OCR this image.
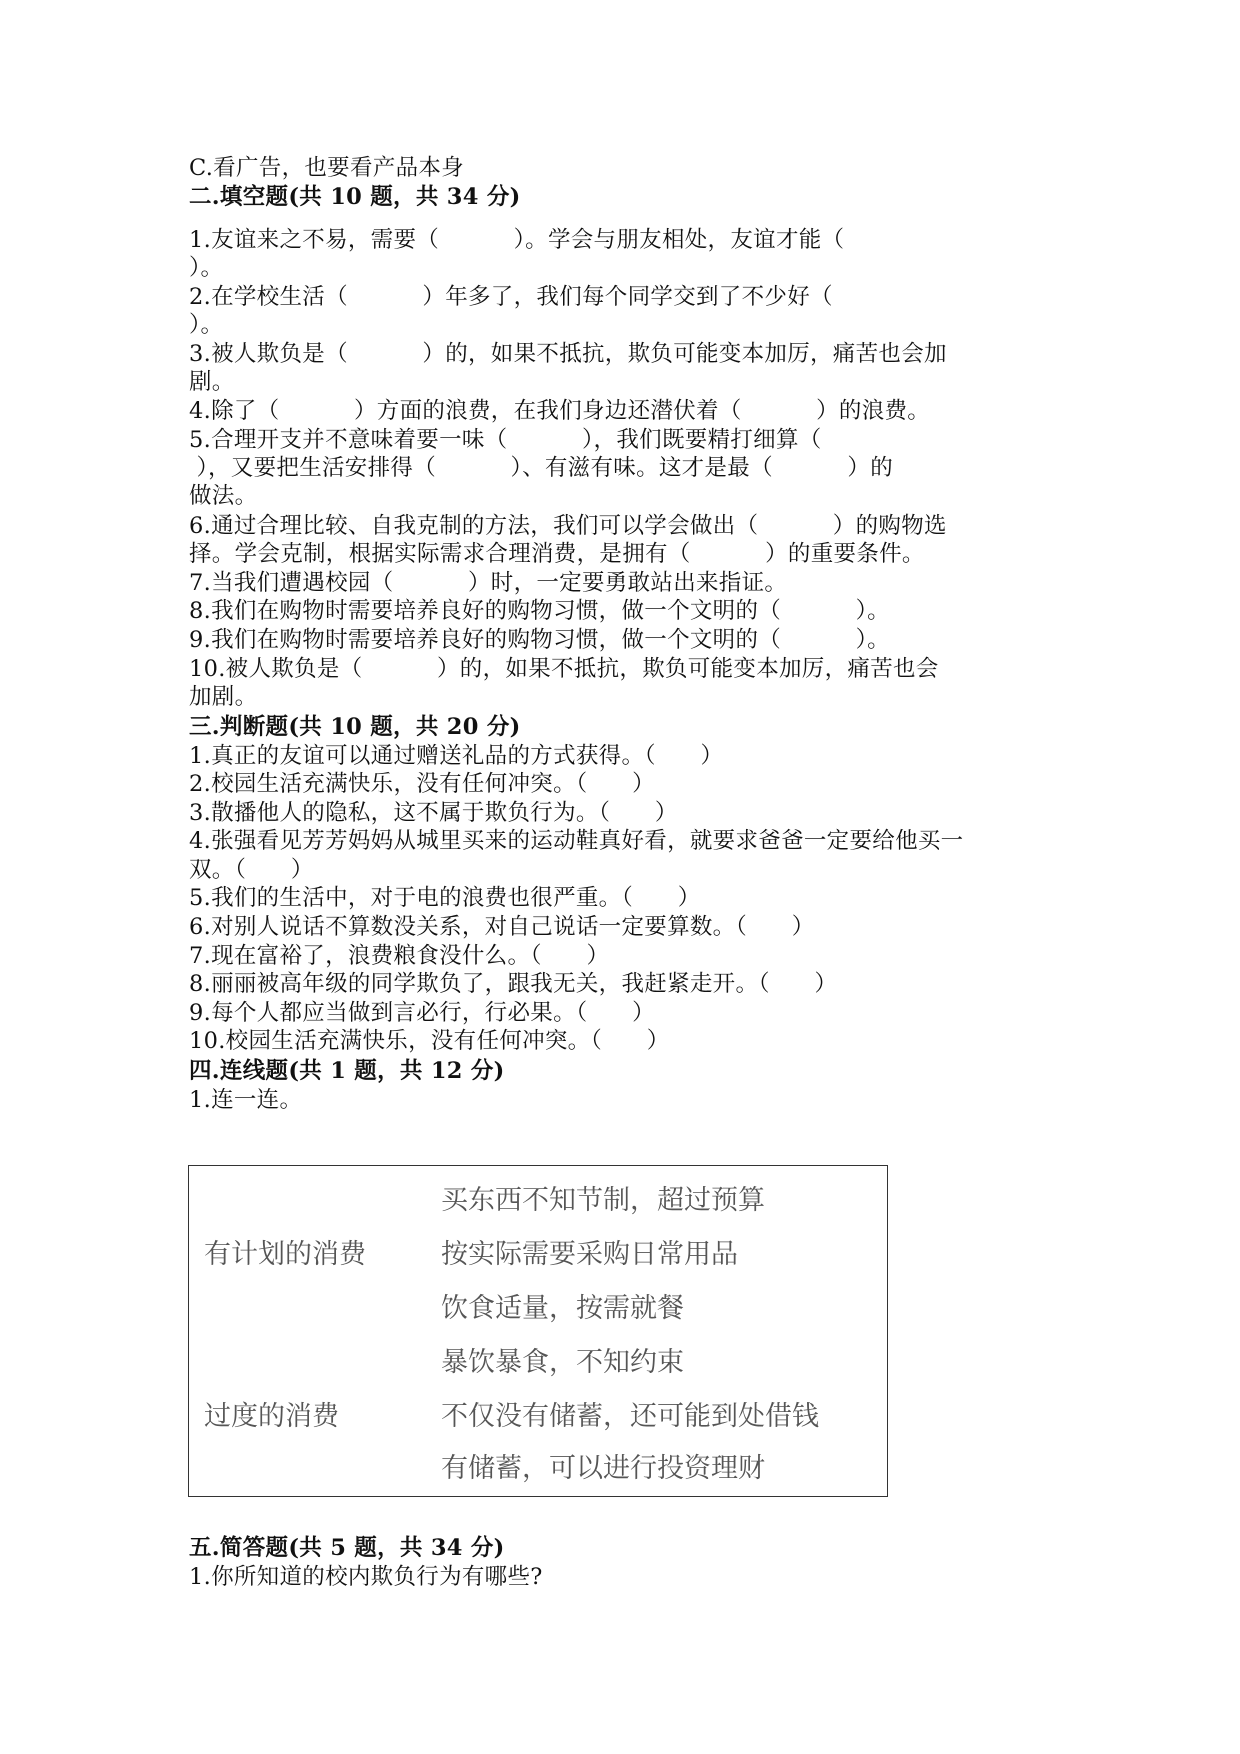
C.看广告，也要看产品本身
二.填空题(共 10 题，共 34 分)
1.友谊来之不易，需要（          ）。学会与朋友相处，友谊才能（
）。
2.在学校生活（          ）年多了，我们每个同学交到了不少好（
）。
3.被人欺负是（          ）的，如果不抵抗，欺负可能变本加厉，痛苦也会加
剧。
4.除了（          ）方面的浪费，在我们身边还潜伏着（          ）的浪费。
5.合理开支并不意味着要一味（          ），我们既要精打细算（
），又要把生活安排得（          ）、有滋有味。这才是最（          ）的
做法。
6.通过合理比较、自我克制的方法，我们可以学会做出（          ）的购物选
择。学会克制，根据实际需求合理消费，是拥有（          ）的重要条件。
7.当我们遭遇校园（          ）时，一定要勇敢站出来指证。
8.我们在购物时需要培养良好的购物习惯，做一个文明的（          ）。
9.我们在购物时需要培养良好的购物习惯，做一个文明的（          ）。
10.被人欺负是（          ）的，如果不抵抗，欺负可能变本加厉，痛苦也会
加剧。
三.判断题(共 10 题，共 20 分)
1.真正的友谊可以通过赠送礼品的方式获得。（      ）
2.校园生活充满快乐，没有任何冲突。（      ）
3.散播他人的隐私，这不属于欺负行为。（      ）
4.张强看见芳芳妈妈从城里买来的运动鞋真好看，就要求爸爸一定要给他买一
双。（      ）
5.我们的生活中，对于电的浪费也很严重。（      ）
6.对别人说话不算数没关系，对自己说话一定要算数。（      ）
7.现在富裕了，浪费粮食没什么。（      ）
8.丽丽被高年级的同学欺负了，跟我无关，我赶紧走开。（      ）
9.每个人都应当做到言必行，行必果。（      ）
10.校园生活充满快乐，没有任何冲突。（      ）
四.连线题(共 1 题，共 12 分)
1.连一连。
有计划的消费
过度的消费
买东西不知节制，超过预算
按实际需要采购日常用品
饮食适量，按需就餐
暴饮暴食，不知约束
不仅没有储蓄，还可能到处借钱
有储蓄，可以进行投资理财
五.简答题(共 5 题，共 34 分)
1.你所知道的校内欺负行为有哪些?
